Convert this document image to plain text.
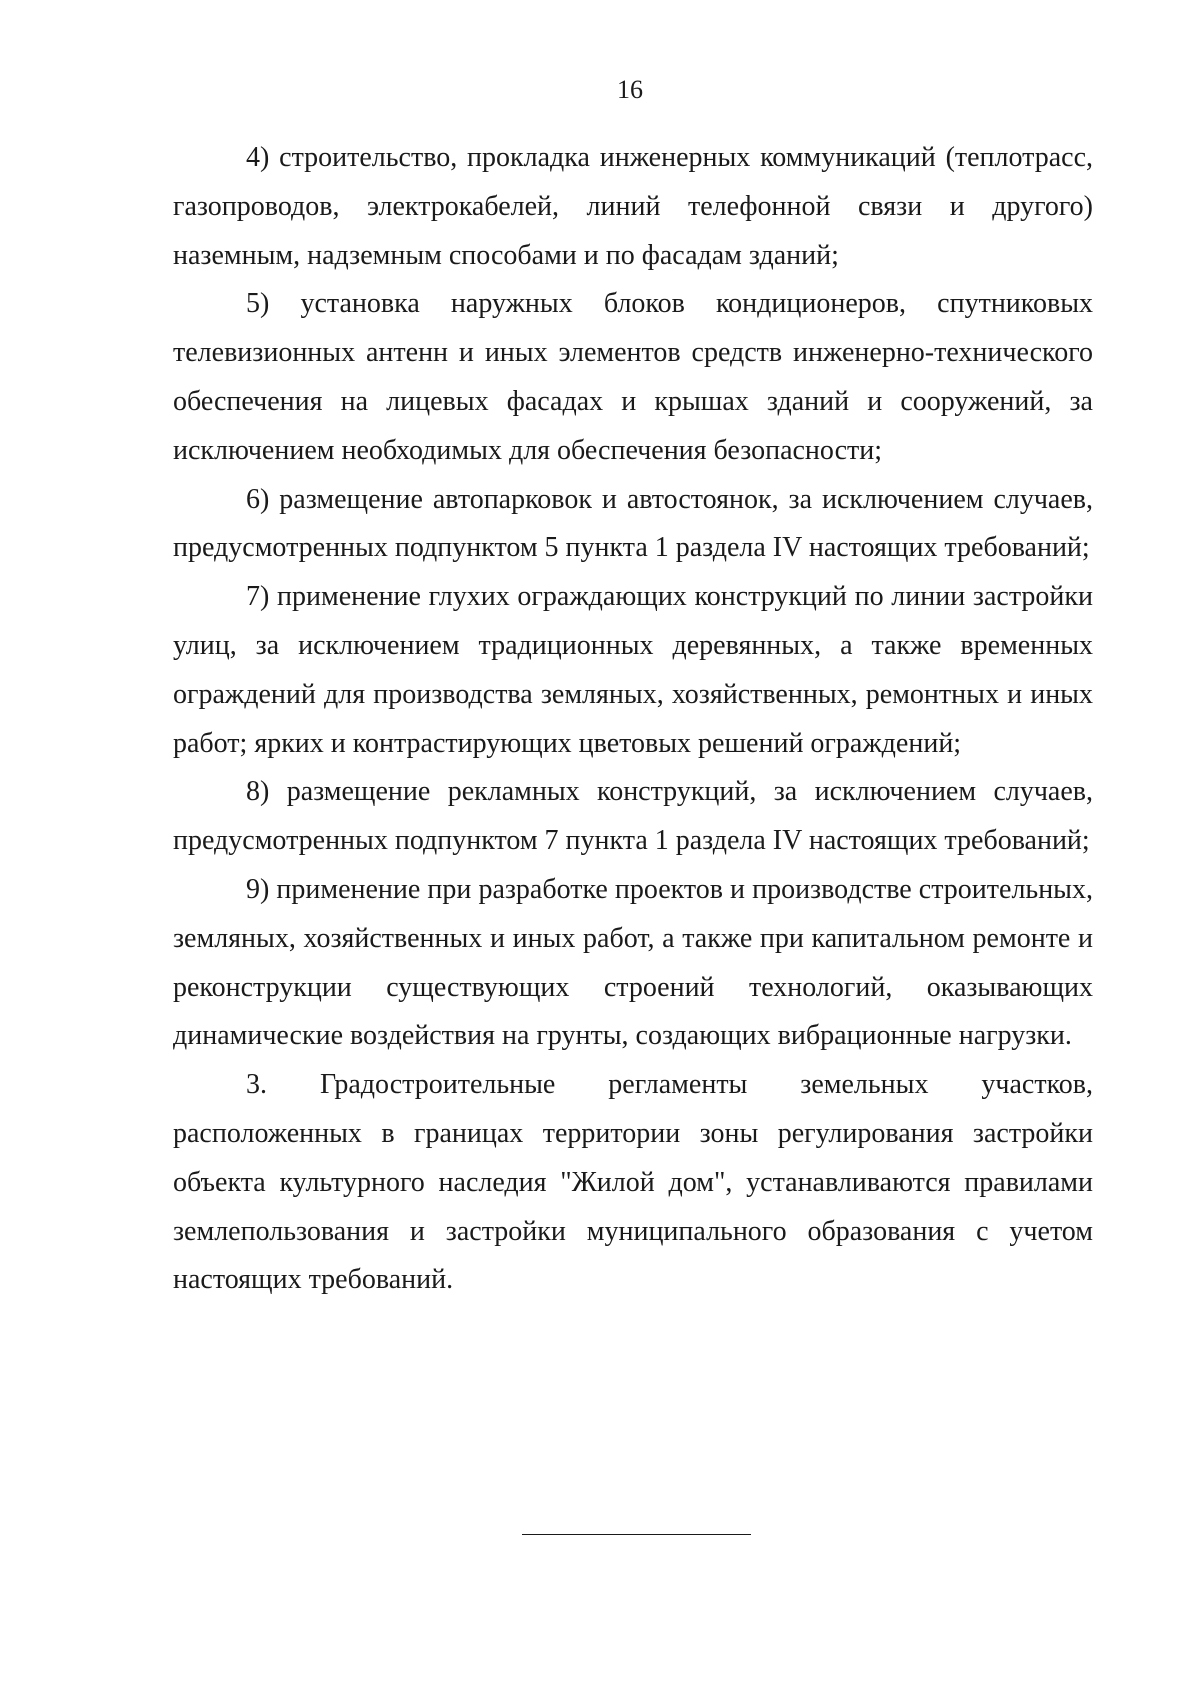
16

4) строительство, прокладка инженерных коммуникаций (теплотрасс, газопроводов, электрокабелей, линий телефонной связи и другого) наземным, надземным способами и по фасадам зданий;

5) установка наружных блоков кондиционеров, спутниковых телевизионных антенн и иных элементов средств инженерно-технического обеспечения на лицевых фасадах и крышах зданий и сооружений, за исключением необходимых для обеспечения безопасности;

6) размещение автопарковок и автостоянок, за исключением случаев, предусмотренных подпунктом 5 пункта 1 раздела IV настоящих требований;

7) применение глухих ограждающих конструкций по линии застройки улиц, за исключением традиционных деревянных, а также временных ограждений для производства земляных, хозяйственных, ремонтных и иных работ; ярких и контрастирующих цветовых решений ограждений;

8) размещение рекламных конструкций, за исключением случаев, предусмотренных подпунктом 7 пункта 1 раздела IV настоящих требований;

9) применение при разработке проектов и производстве строительных, земляных, хозяйственных и иных работ, а также при капитальном ремонте и реконструкции существующих строений технологий, оказывающих динамические воздействия на грунты, создающих вибрационные нагрузки.

3. Градостроительные регламенты земельных участков, расположенных в границах территории зоны регулирования застройки объекта культурного наследия "Жилой дом", устанавливаются правилами землепользования и застройки муниципального образования с учетом настоящих требований.
